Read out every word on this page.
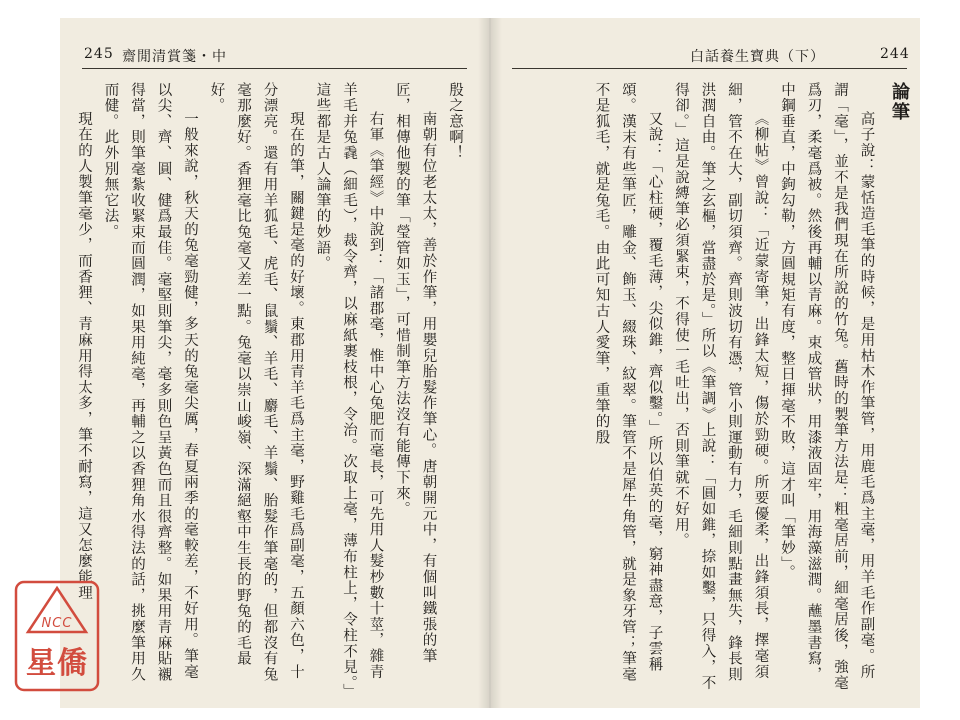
245 齋閒清賞箋・中

殷之意啊！

南朝有位老太太，善於作筆，用嬰兒胎髮作筆心。唐朝開元中，有個叫鐵張的筆匠，相傳他製的筆「瑩管如玉」，可惜制筆方法沒有能傳下來。

右軍《筆經》中說到：「諸郡毫，惟中心兔肥而毫長，可先用人髮杪數十莖，雜青羊毛并兔毳（細毛），裁令齊，以麻紙裹枝根，令治。次取上毫，薄布柱上，令柱不見。」這些都是古人論筆的妙語。

現在的筆，關鍵是毫的好壞。東郡用青羊毛爲主毫，野雞毛爲副毫，五顏六色，十分漂亮。還有用羊狐毛、虎毛、鼠鬚、羊毛、麝毛、羊鬚、胎髮作筆毫的，但都沒有兔毫那麼好。香狸毫比兔毫又差一點。兔毫以崇山峻嶺、深滿絕壑中生長的野兔的毛最好。

一般來說，秋天的兔毫勁健，多天的兔毫尖厲，春夏兩季的毫較差，不好用。筆毫以尖、齊、圓、健爲最佳。毫堅則筆尖，毫多則色呈黃色而且很齊整。如果用青麻貼襯得當，則筆毫紮收緊束而圓潤，如果用純毫，再輔之以香狸角水得法的話，挑麼筆用久而健。此外別無它法。

現在的人製筆毫少，而香狸、青麻用得太多，筆不耐寫，這又怎麼能理

白話養生寶典（下）	244

論筆

高子說：蒙恬造毛筆的時候，是用枯木作筆管，用鹿毛爲主毫，用羊毛作副毫。所謂「毫」，並不是我們現在所說的竹兔。舊時的製筆方法是：粗毫居前，細毫居後，強毫爲刃，柔毫爲被。然後再輔以青麻。束成管狀，用漆液固牢，用海藻滋潤。蘸墨書寫，中鋼垂直，中鉤勾勒，方圓規矩有度，整日揮毫不敗，這才叫「筆妙」。

《柳帖》曾說：「近蒙寄筆，出鋒太短，傷於勁硬。所要優柔，出鋒須長，擇毫須細，管不在大，副切須齊。齊則波切有憑，管小則運動有力，毛細則點畫無失，鋒長則洪潤自由。筆之玄樞，當盡於是。」所以《筆調》上說：「圓如錐，捺如鑿，只得入，不得卻。」這是說縛筆必須緊束，不得使一毛吐出，否則筆就不好用。

又說：「心柱硬，覆毛薄，尖似錐，齊似鑿。」所以伯英的毫，窮神盡意，子雲稱頌。漢末有些筆匠，雕金、飾玉、綴珠、紋翠。筆管不是犀牛角管，就是象牙管；筆毫不是狐毛，就是兔毛。由此可知古人愛筆，重筆的殷

NCC
星僑
